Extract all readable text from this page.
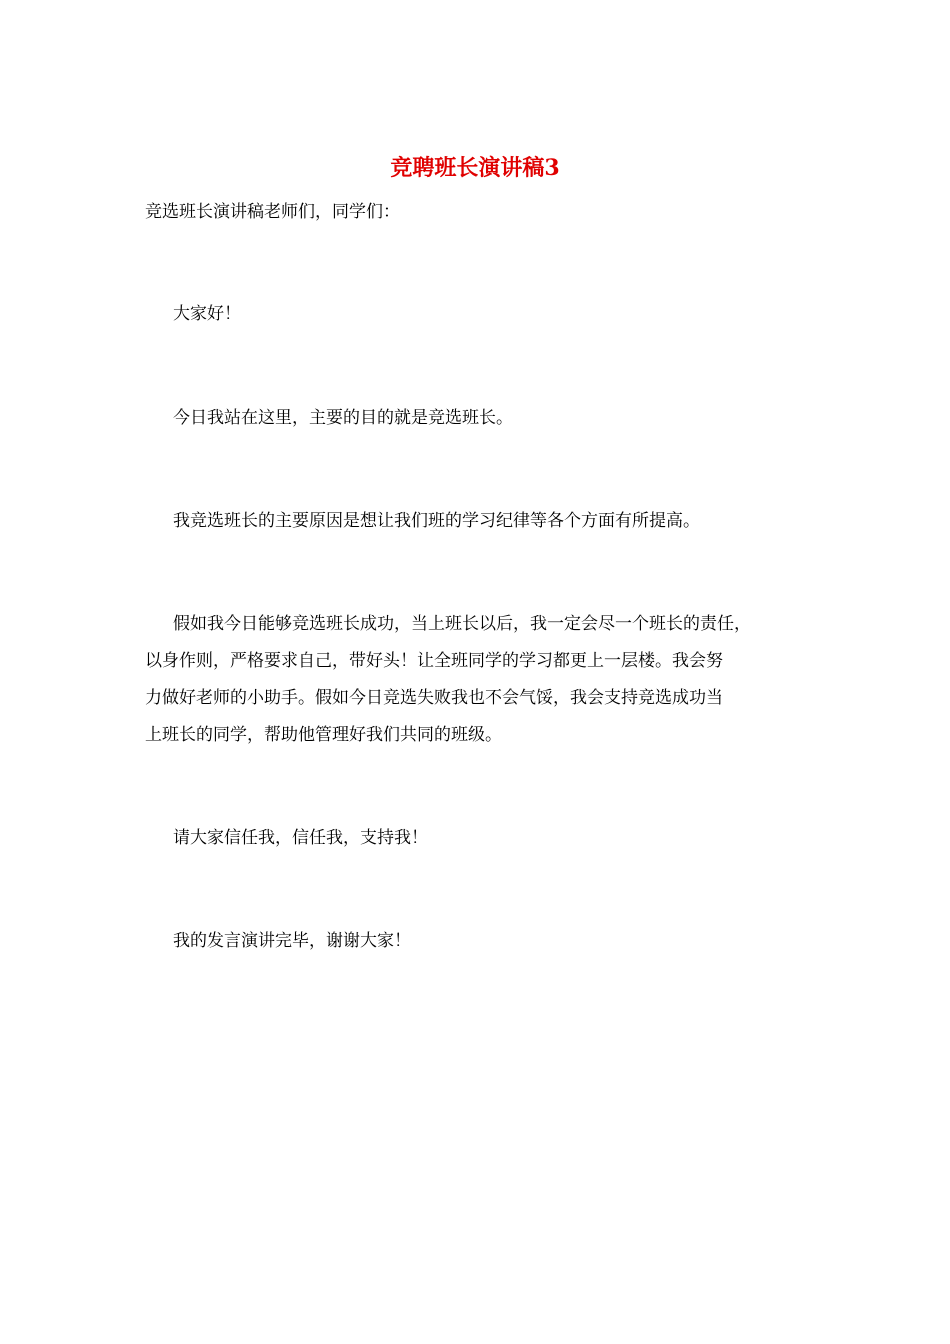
竞聘班长演讲稿3

竞选班长演讲稿老师们，同学们：

大家好！

今日我站在这里，主要的目的就是竞选班长。

我竞选班长的主要原因是想让我们班的学习纪律等各个方面有所提高。

假如我今日能够竞选班长成功，当上班长以后，我一定会尽一个班长的责任，

以身作则，严格要求自己，带好头！让全班同学的学习都更上一层楼。我会努

力做好老师的小助手。假如今日竞选失败我也不会气馁，我会支持竞选成功当

上班长的同学，帮助他管理好我们共同的班级。

请大家信任我，信任我，支持我！

我的发言演讲完毕，谢谢大家！
